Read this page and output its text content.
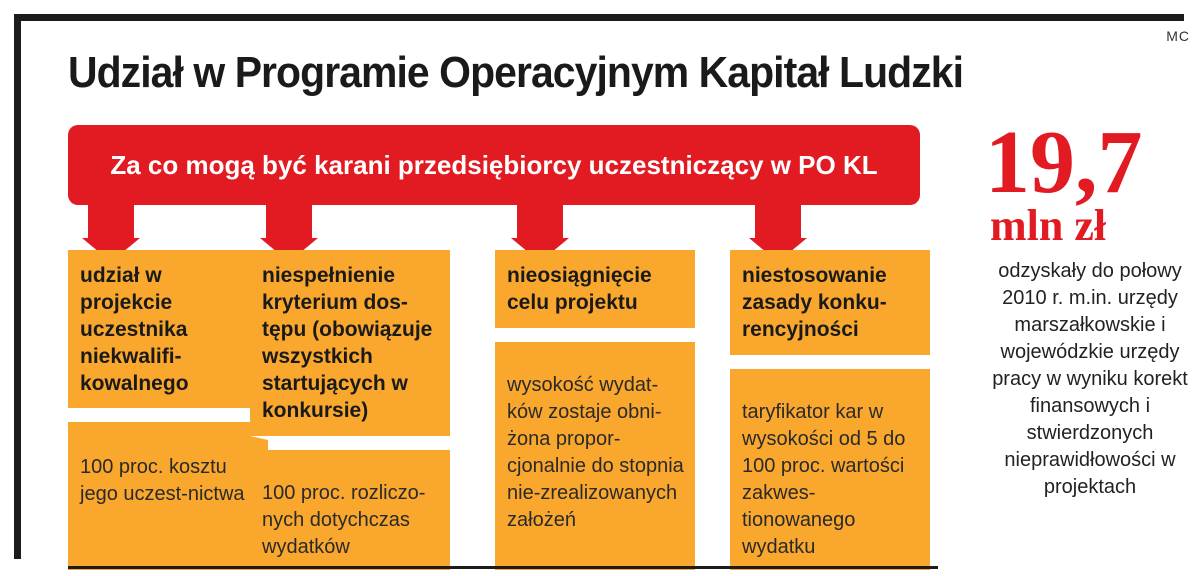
MC
Udział w Programie Operacyjnym Kapitał Ludzki
Za co mogą być karani przedsiębiorcy uczestniczący w PO KL
udział w projekcie uczestnika niekwalifi-kowalnego
100 proc. kosztu jego uczest-nictwa
niespełnienie kryterium dos-tępu (obowiązuje wszystkich startujących w konkursie)
100 proc. rozliczo-nych dotychczas wydatków
nieosiągnięcie celu projektu
wysokość wydat-ków zostaje obni-żona propor-cjonalnie do stopnia nie-zrealizowanych założeń
niestosowanie zasady konku-rencyjności
taryfikator kar w wysokości od 5 do 100 proc. wartości zakwes-tionowanego wydatku
19,7
mln zł
odzyskały do połowy 2010 r. m.in. urzędy marszałkowskie i wojewódzkie urzędy pracy w wyniku korekt finansowych i stwierdzonych nieprawidłowości w projektach
